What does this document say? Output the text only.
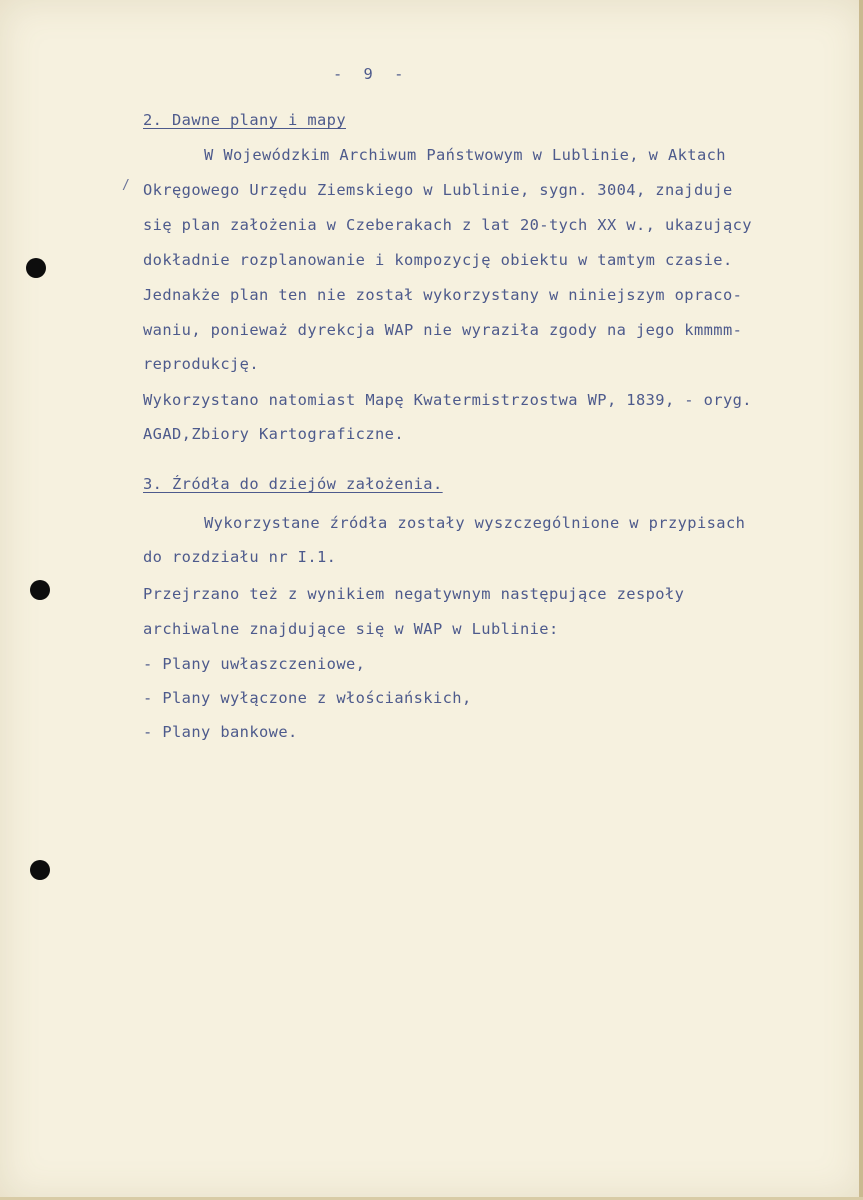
/

- 9 -

2. Dawne plany i mapy

W Wojewódzkim Archiwum Państwowym w Lublinie, w Aktach

Okręgowego Urzędu Ziemskiego w Lublinie, sygn. 3004, znajduje

się plan założenia w Czeberakach z lat 20-tych XX w., ukazujący

dokładnie rozplanowanie i kompozycję obiektu w tamtym czasie.

Jednakże plan ten nie został wykorzystany w niniejszym opraco-

waniu, ponieważ dyrekcja WAP nie wyraziła zgody na jego kmmmm-

reprodukcję.

Wykorzystano natomiast Mapę Kwatermistrzostwa WP, 1839, - oryg.

AGAD,Zbiory Kartograficzne.

3. Źródła do dziejów założenia.

Wykorzystane źródła zostały wyszczególnione w przypisach

do rozdziału nr I.1.

Przejrzano też z wynikiem negatywnym następujące zespoły

archiwalne znajdujące się w WAP w Lublinie:

- Plany uwłaszczeniowe,

- Plany wyłączone z włościańskich,

- Plany bankowe.
